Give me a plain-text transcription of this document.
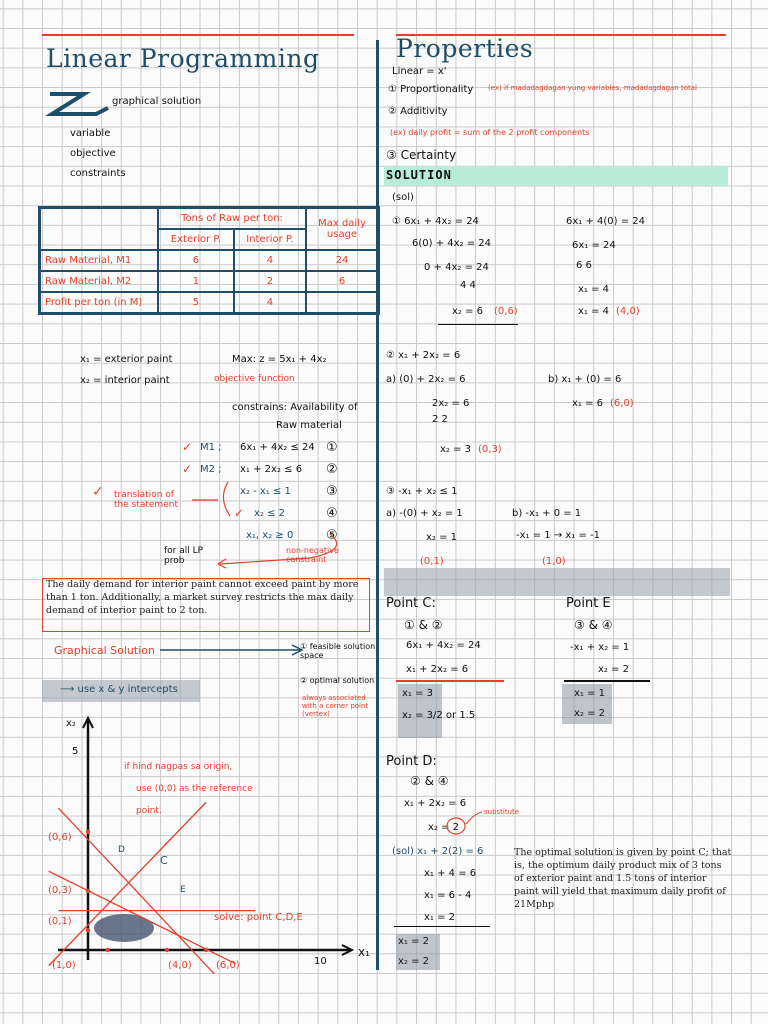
Linear Programming
graphical solution
variable
objective
constraints
	Tons of Raw per ton:		Max daily usage
	Exterior P.	Interior P.	
Raw Material, M1	6	4	24
Raw Material, M2	1	2	6
Profit per ton (in M)	5	4	
x₁ = exterior paint
x₂ = interior paint
Max: z = 5x₁ + 4x₂
objective function
constrains: Availability of
Raw material
M1 ; 6x₁ + 4x₂ ≤ 24 ①
M2 ; x₁ + 2x₂ ≤ 6 ②
x₂ - x₁ ≤ 1	③
x₂ ≤ 2	④
x₁, x₂ ≥ 0	⑤
✓
✓
✓
✓ translation of the statement
for all LP prob
non-negative constraint
The daily demand for interior paint cannot exceed paint by more than 1 ton. Additionally, a market survey restricts the max daily demand of interior paint to 2 ton.
Graphical Solution	① feasible solution space
② optimal solution
always associated with a corner point (vertex)
⟶ use x & y intercepts
x₂
x₁
5
10
(0,6)
(0,3)
(0,1)
(1,0)	(4,0) (6,0)
D
C
E
if hind nagpas sa origin,
use (0,0) as the reference
point.
solve: point C,D,E
Properties
Linear = x'
① Proportionality (ex) if madadagdagan yung variables, madadagdagan total
② Additivity
(ex) daily profit = sum of the 2 profit components
③ Certainty
SOLUTION
(sol)
① 6x₁ + 4x₂ = 24
6(0) + 4x₂ = 24
0 + 4x₂ = 24
4 4
x₂ = 6 (0,6)
6x₁ + 4(0) = 24
6x₁ = 24
6 6
x₁ = 4
x₁ = 4 (4,0)
② x₁ + 2x₂ = 6
a) (0) + 2x₂ = 6
2x₂ = 6
2 2
x₂ = 3 (0,3)
b) x₁ + (0) = 6
x₁ = 6 (6,0)
③ -x₁ + x₂ ≤ 1
a) -(0) + x₂ = 1
x₂ = 1
(0,1)
b) -x₁ + 0 = 1
-x₁ = 1 → x₁ = -1
(1,0)
Point C:
① & ②
6x₁ + 4x₂ = 24
x₁ + 2x₂ = 6
x₁ = 3
x₂ = 3/2 or 1.5
Point E
③ & ④
-x₁ + x₂ = 1
x₂ = 2
x₁ = 1
x₂ = 2
Point D:
② & ④
x₁ + 2x₂ = 6
x₂ = 2
substitute
(sol) x₁ + 2(2) = 6
x₁ + 4 = 6
x₁ = 6 - 4
x₁ = 2
x₁ = 2
x₂ = 2
The optimal solution is given by point C; that is, the optimum daily product mix of 3 tons of exterior paint and 1.5 tons of interior paint will yield that maximum daily profit of 21Mphp
